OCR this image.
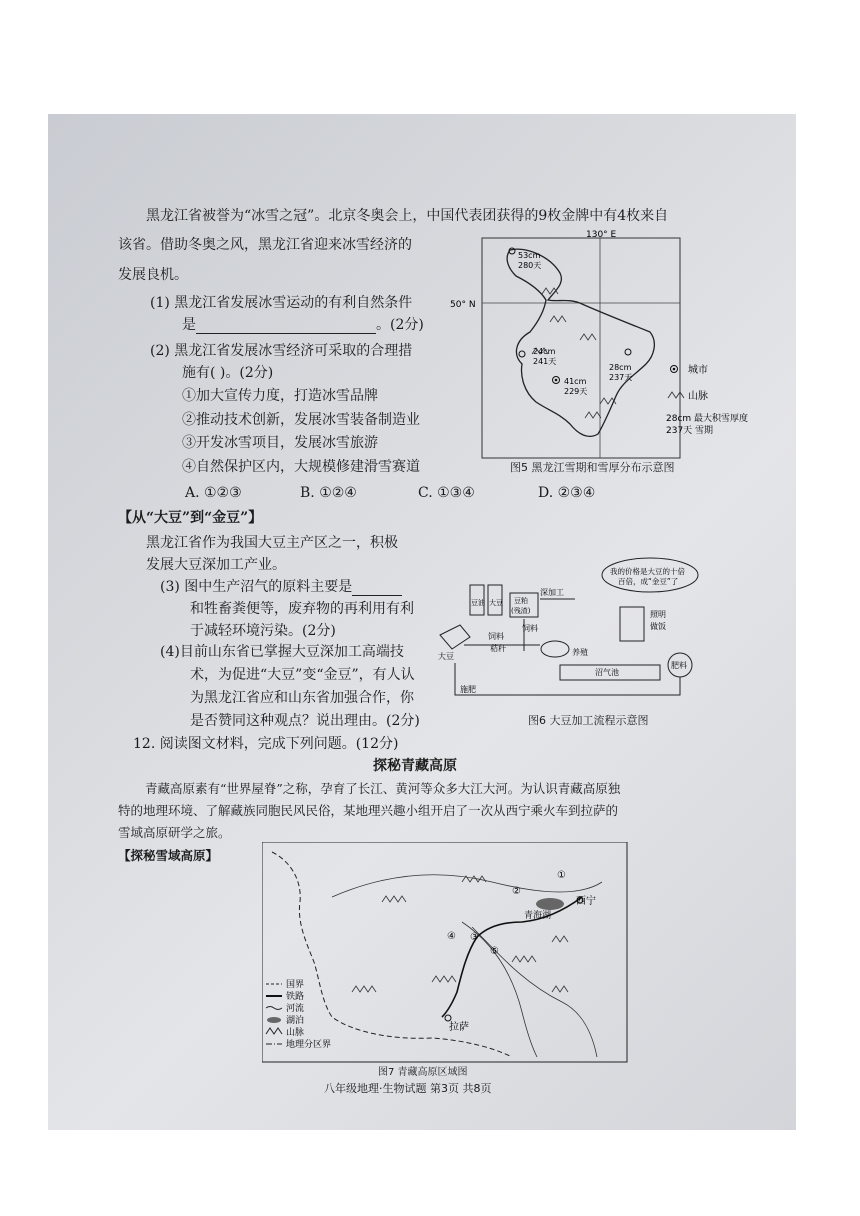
黑龙江省被誉为“冰雪之冠”。北京冬奥会上，中国代表团获得的9枚金牌中有4枚来自
该省。借助冬奥之风，黑龙江省迎来冰雪经济的
发展良机。
(1) 黑龙江省发展冰雪运动的有利自然条件
是	。(2分)
(2) 黑龙江省发展冰雪经济可采取的合理措
施有( )。(2分)
①加大宣传力度，打造冰雪品牌
②推动技术创新，发展冰雪装备制造业
③开发冰雪项目，发展冰雪旅游
④自然保护区内，大规模修建滑雪赛道
A. ①②③	B. ①②④	C. ①③④	D. ②③④
130° E
50° N
53cm
280天
24cm
241天
41cm
229天
28cm
237天
城市
山脉
28cm 最大积雪厚度
237天 雪期
图5 黑龙江雪期和雪厚分布示意图
【从“大豆”到“金豆”】
黑龙江省作为我国大豆主产区之一，积极
发展大豆深加工产业。
(3) 图中生产沼气的原料主要是
和牲畜粪便等，废弃物的再利用有利
于减轻环境污染。(2分)
(4)目前山东省已掌握大豆深加工高端技
术，为促进“大豆”变“金豆”，有人认
为黑龙江省应和山东省加强合作，你
是否赞同这种观点？说出理由。(2分)
我的价格是大豆的十倍
百倍，成“金豆”了
豆油 大豆 豆粕
(残渣)
深加工
饲料
饲料
秸秆
大豆	养殖
照明
做饭
沼气池
肥料
施肥
图6 大豆加工流程示意图
12. 阅读图文材料，完成下列问题。(12分)
探秘青藏高原
青藏高原素有“世界屋脊”之称，孕育了长江、黄河等众多大江大河。为认识青藏高原独
特的地理环境、了解藏族同胞民风民俗，某地理兴趣小组开启了一次从西宁乘火车到拉萨的
雪域高原研学之旅。
【探秘雪域高原】
青海湖
西宁
拉萨
①
②
③
④
⑤
国界
铁路
河流
湖泊
山脉
地理分区界
图7 青藏高原区域图
八年级地理·生物试题 第3页 共8页
